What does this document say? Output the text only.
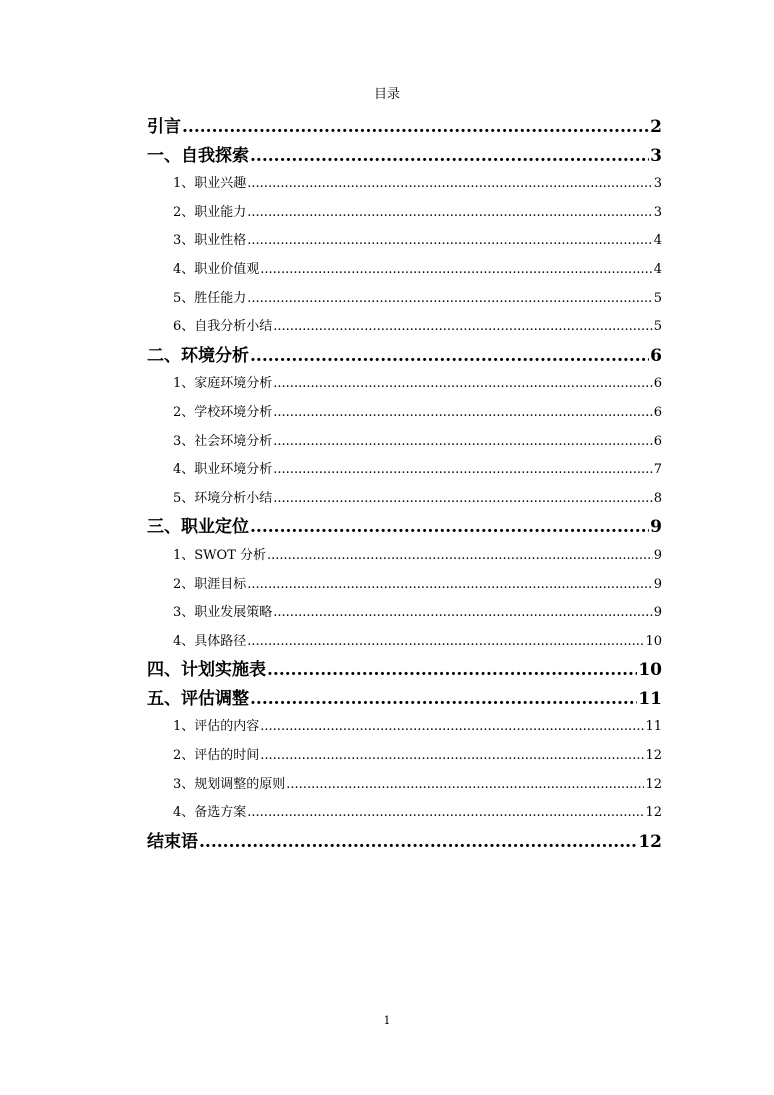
目录
引言 .....	2
一、自我探索 .....	3
1、职业兴趣 .....	3
2、职业能力 .....	3
3、职业性格 .....	4
4、职业价值观 .....	4
5、胜任能力 .....	5
6、自我分析小结 .....	5
二、环境分析 .....	6
1、家庭环境分析 .....	6
2、学校环境分析 .....	6
3、社会环境分析 .....	6
4、职业环境分析 .....	7
5、环境分析小结 .....	8
三、职业定位 .....	9
1、SWOT 分析 .....	9
2、职涯目标 .....	9
3、职业发展策略 .....	9
4、具体路径 .....	10
四、计划实施表 .....	10
五、评估调整 .....	11
1、评估的内容 .....	11
2、评估的时间 .....	12
3、规划调整的原则 .....	12
4、备选方案 .....	12
结束语 .....	12
1
